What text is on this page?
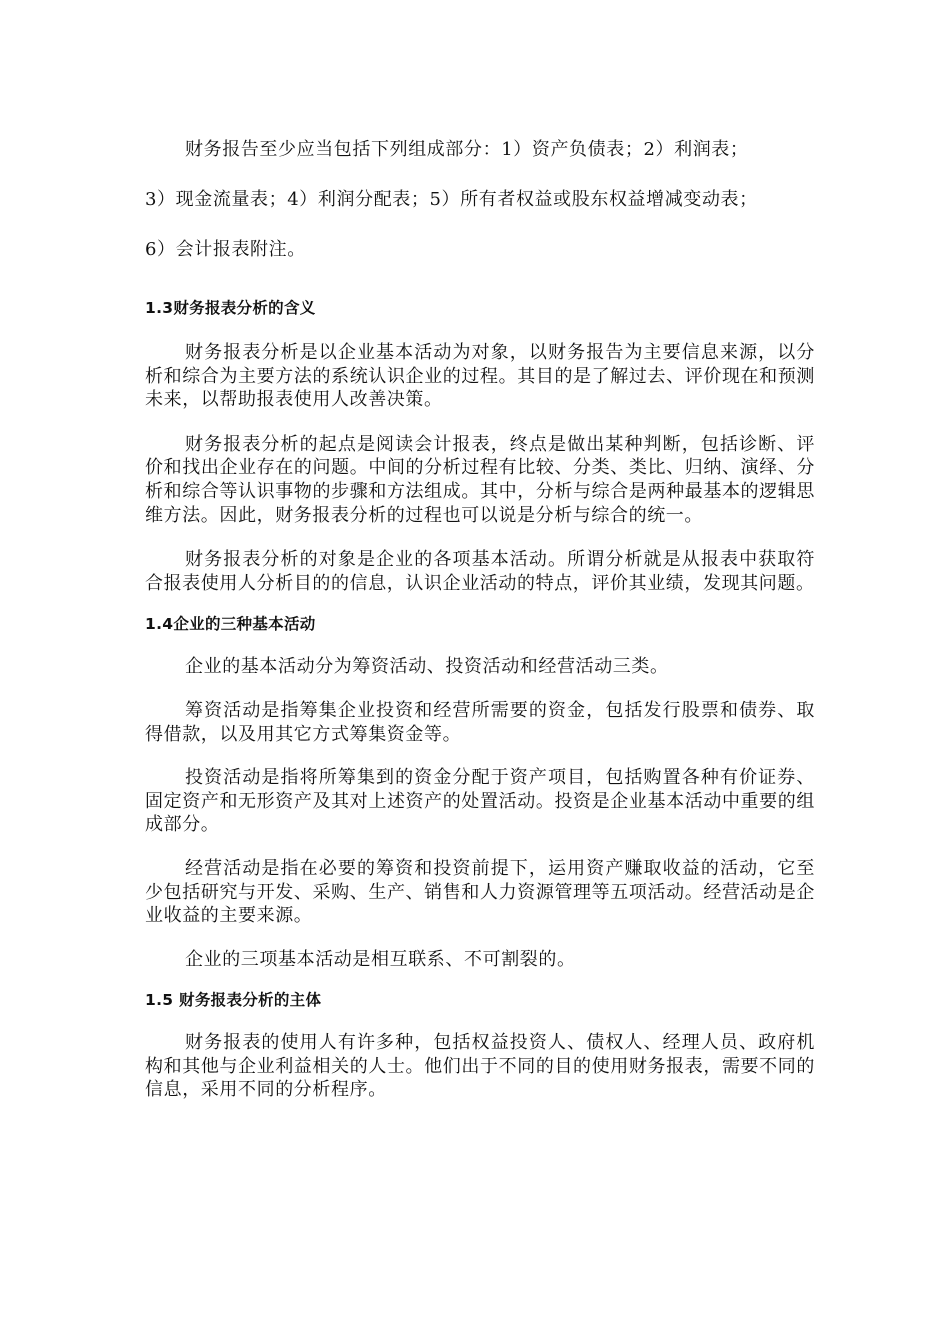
财务报告至少应当包括下列组成部分：1）资产负债表；2）利润表；

3）现金流量表；4）利润分配表；5）所有者权益或股东权益增减变动表；

6）会计报表附注。

1.3财务报表分析的含义

财务报表分析是以企业基本活动为对象，以财务报告为主要信息来源，以分析和综合为主要方法的系统认识企业的过程。其目的是了解过去、评价现在和预测未来，以帮助报表使用人改善决策。

财务报表分析的起点是阅读会计报表，终点是做出某种判断，包括诊断、评价和找出企业存在的问题。中间的分析过程有比较、分类、类比、归纳、演绎、分析和综合等认识事物的步骤和方法组成。其中，分析与综合是两种最基本的逻辑思维方法。因此，财务报表分析的过程也可以说是分析与综合的统一。

财务报表分析的对象是企业的各项基本活动。所谓分析就是从报表中获取符合报表使用人分析目的的信息，认识企业活动的特点，评价其业绩，发现其问题。

1.4企业的三种基本活动

企业的基本活动分为筹资活动、投资活动和经营活动三类。

筹资活动是指筹集企业投资和经营所需要的资金，包括发行股票和债券、取得借款，以及用其它方式筹集资金等。

投资活动是指将所筹集到的资金分配于资产项目，包括购置各种有价证券、固定资产和无形资产及其对上述资产的处置活动。投资是企业基本活动中重要的组成部分。

经营活动是指在必要的筹资和投资前提下，运用资产赚取收益的活动，它至少包括研究与开发、采购、生产、销售和人力资源管理等五项活动。经营活动是企业收益的主要来源。

企业的三项基本活动是相互联系、不可割裂的。

1.5 财务报表分析的主体

财务报表的使用人有许多种，包括权益投资人、债权人、经理人员、政府机构和其他与企业利益相关的人士。他们出于不同的目的使用财务报表，需要不同的信息，采用不同的分析程序。
